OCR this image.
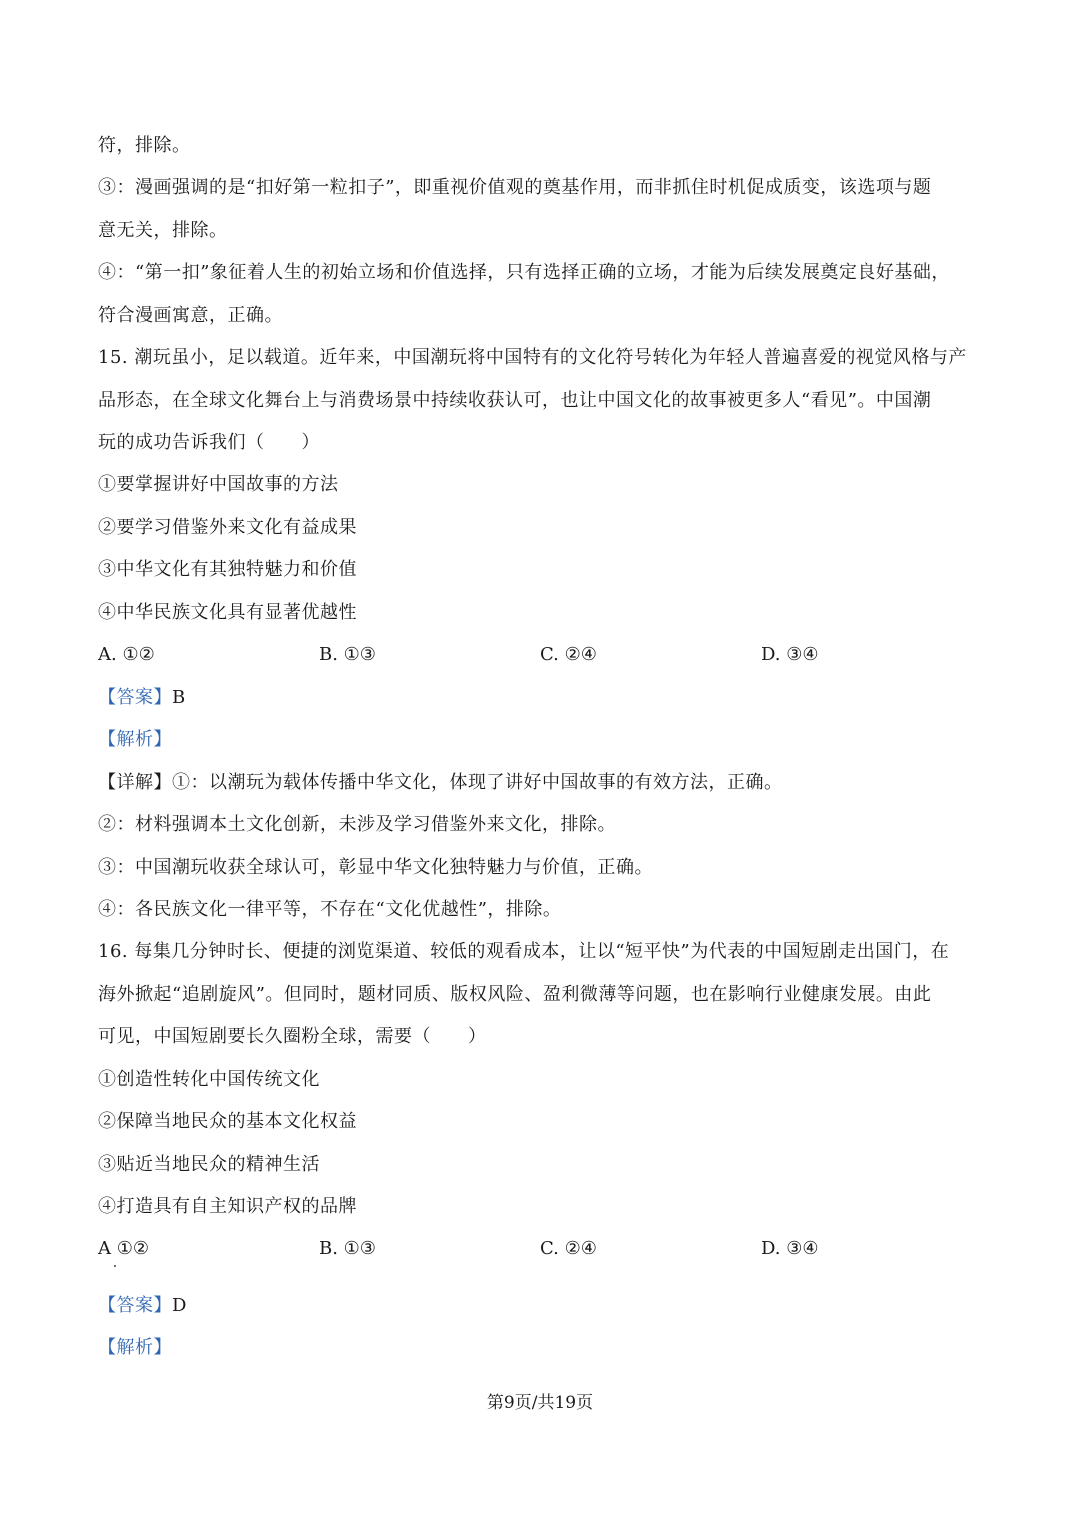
符，排除。
③：漫画强调的是“扣好第一粒扣子”，即重视价值观的奠基作用，而非抓住时机促成质变，该选项与题
意无关，排除。
④：“第一扣”象征着人生的初始立场和价值选择，只有选择正确的立场，才能为后续发展奠定良好基础，
符合漫画寓意，正确。
15. 潮玩虽小，足以载道。近年来，中国潮玩将中国特有的文化符号转化为年轻人普遍喜爱的视觉风格与产
品形态，在全球文化舞台上与消费场景中持续收获认可，也让中国文化的故事被更多人“看见”。中国潮
玩的成功告诉我们（　　）
①要掌握讲好中国故事的方法
②要学习借鉴外来文化有益成果
③中华文化有其独特魅力和价值
④中华民族文化具有显著优越性
A. ①②	B. ①③	C. ②④	D. ③④
【答案】B
【解析】
【详解】①：以潮玩为载体传播中华文化，体现了讲好中国故事的有效方法，正确。
②：材料强调本土文化创新，未涉及学习借鉴外来文化，排除。
③：中国潮玩收获全球认可，彰显中华文化独特魅力与价值，正确。
④：各民族文化一律平等，不存在“文化优越性”，排除。
16. 每集几分钟时长、便捷的浏览渠道、较低的观看成本，让以“短平快”为代表的中国短剧走出国门，在
海外掀起“追剧旋风”。但同时，题材同质、版权风险、盈利微薄等问题，也在影响行业健康发展。由此
可见，中国短剧要长久圈粉全球，需要（　　）
①创造性转化中国传统文化
②保障当地民众的基本文化权益
③贴近当地民众的精神生活
④打造具有自主知识产权的品牌
A ①②	B. ①③	C. ②④	D. ③④
【答案】D
【解析】
第9页/共19页
